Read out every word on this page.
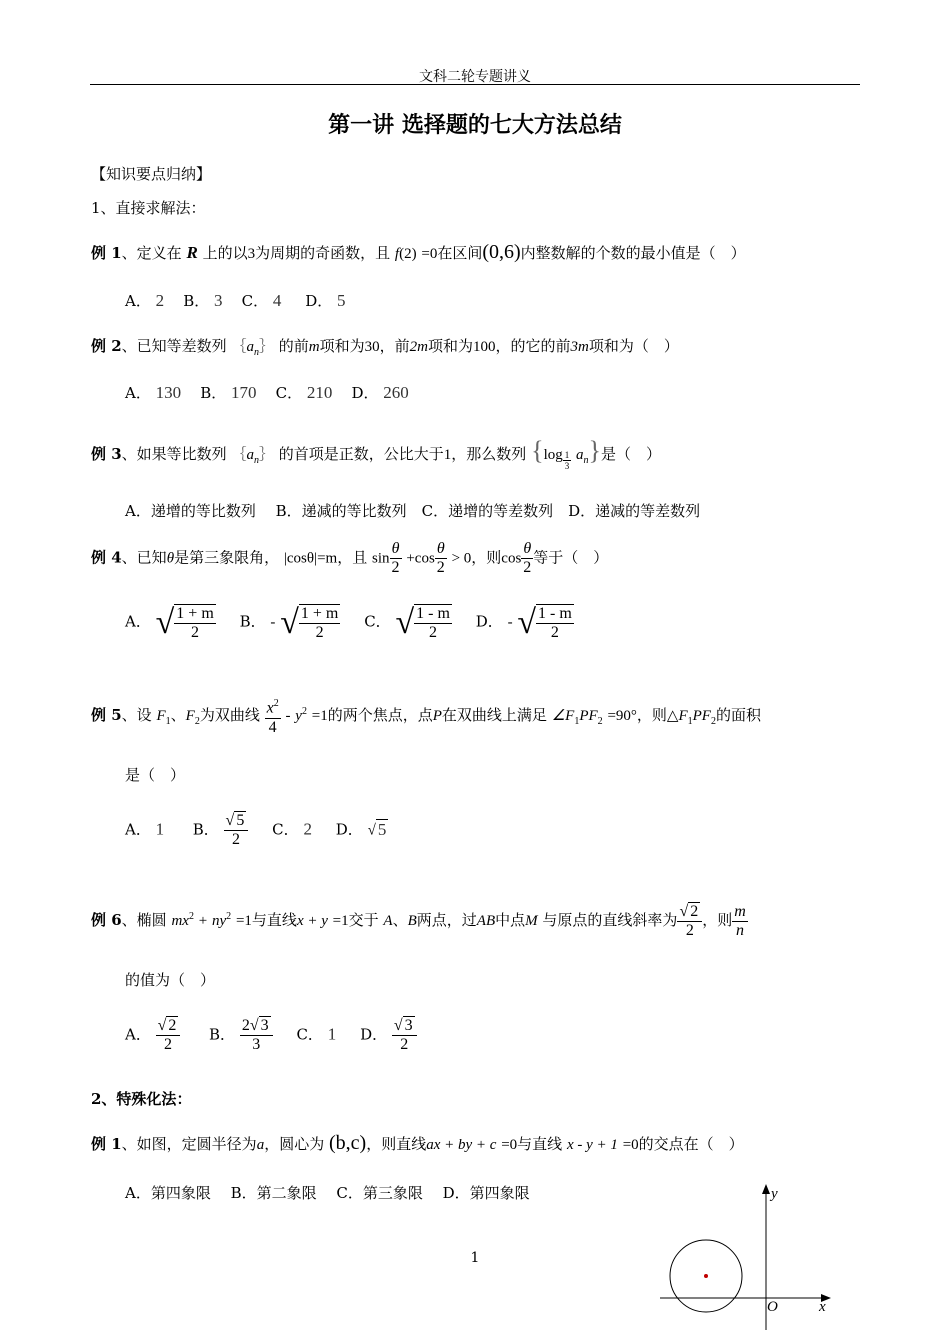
文科二轮专题讲义
第一讲 选择题的七大方法总结
【知识要点归纳】
1、直接求解法：
例 1、定义在 R 上的以3为周期的奇函数，且 f(2) =0在区间(0,6)内整数解的个数的最小值是（　）
A． 2 B． 3 C． 4 D． 5
例 2、已知等差数列 $\{a_n\}$ 的前m项和为30，前2m项和为100，的它的前3m项和为（　）
A． 130 B． 170 C． 210 D． 260
例 3、如果等比数列 $\{a_n\}$ 的首项是正数，公比大于1，那么数列 $\{\log \frac{1}{3} a_n\}$是（　）
A．递增的等比数列　 B．递减的等比数列　C．递增的等差数列　D．递减的等差数列
例 4、已知θ是第三象限角， |cosθ|=m，且 $\sin \frac{\theta}{2} +\cos \frac{\theta}{2} > 0$，则$\cos \frac{\theta}{2}$ 等于（　）
A． √ $\frac{1 + m}{2}$ B． - √ $\frac{1 + m}{2}$ C． √ $\frac{1 - m}{2}$ D． - √ $\frac{1 - m}{2}$
例 5、设 $F_1$、$F_2$为双曲线 $\frac{x^2}{4} - y^2 =1$的两个焦点，点P在双曲线上满足 $\angle F_1PF_2 =90^\circ$，则$\triangle F_1PF_2$的面积
是（　）
A． 1 B． $\frac{√ 5}{2}$ C． 2 D． √ 5
例 6、椭圆 $mx^2 + ny^2 =1$与直线x + y =1交于 A、B两点，过AB中点M 与原点的直线斜率为 $\frac{√ 2}{2}$ ，则 $\frac{m}{n}$
的值为（　）
A． $\frac{√ 2}{2}$ B． $\frac{2√ 3}{3}$ C． 1 D． $\frac{√ 3}{2}$
2、特殊化法：
例 1、如图，定圆半径为a，圆心为 (b,c)，则直线ax + by + c =0与直线 x - y + 1 =0的交点在（　）
A．第四象限　 B．第二象限　 C．第三象限　 D．第四象限	y
x
O
1
